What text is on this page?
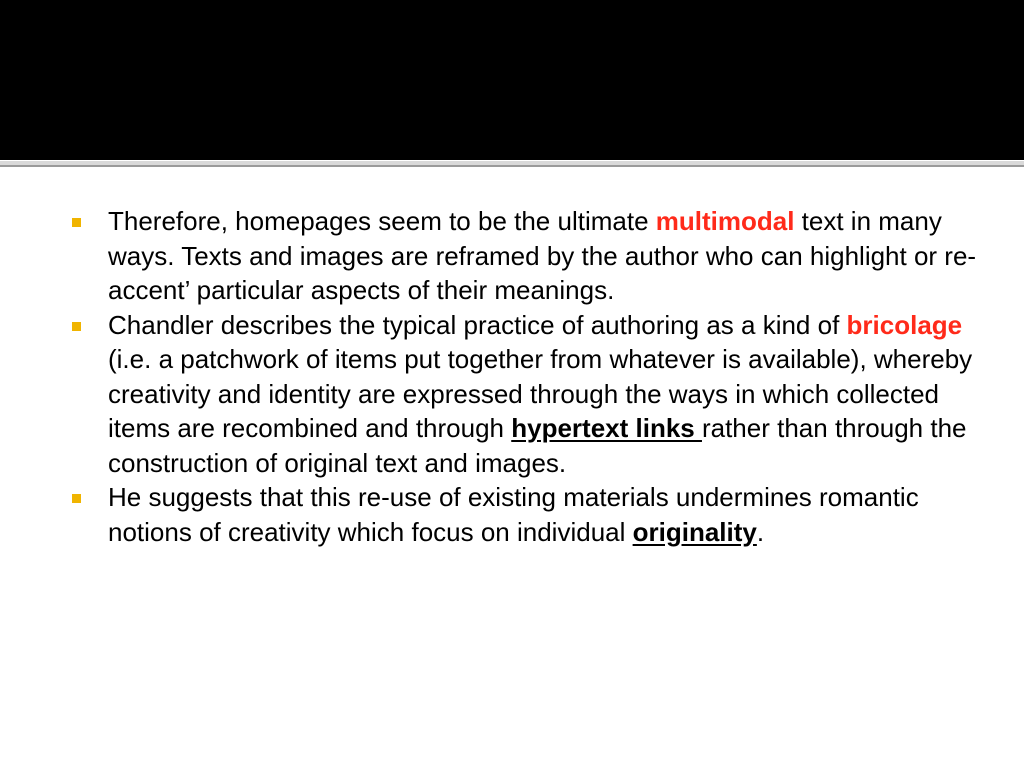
Therefore, homepages seem to be the ultimate multimodal text in many ways. Texts and images are reframed by the author who can highlight or re-accent’ particular aspects of their meanings.
Chandler describes the typical practice of authoring as a kind of bricolage (i.e. a patchwork of items put together from whatever is available), whereby creativity and identity are expressed through the ways in which collected items are recombined and through hypertext links rather than through the construction of original text and images.
He suggests that this re-use of existing materials undermines romantic notions of creativity which focus on individual originality.
